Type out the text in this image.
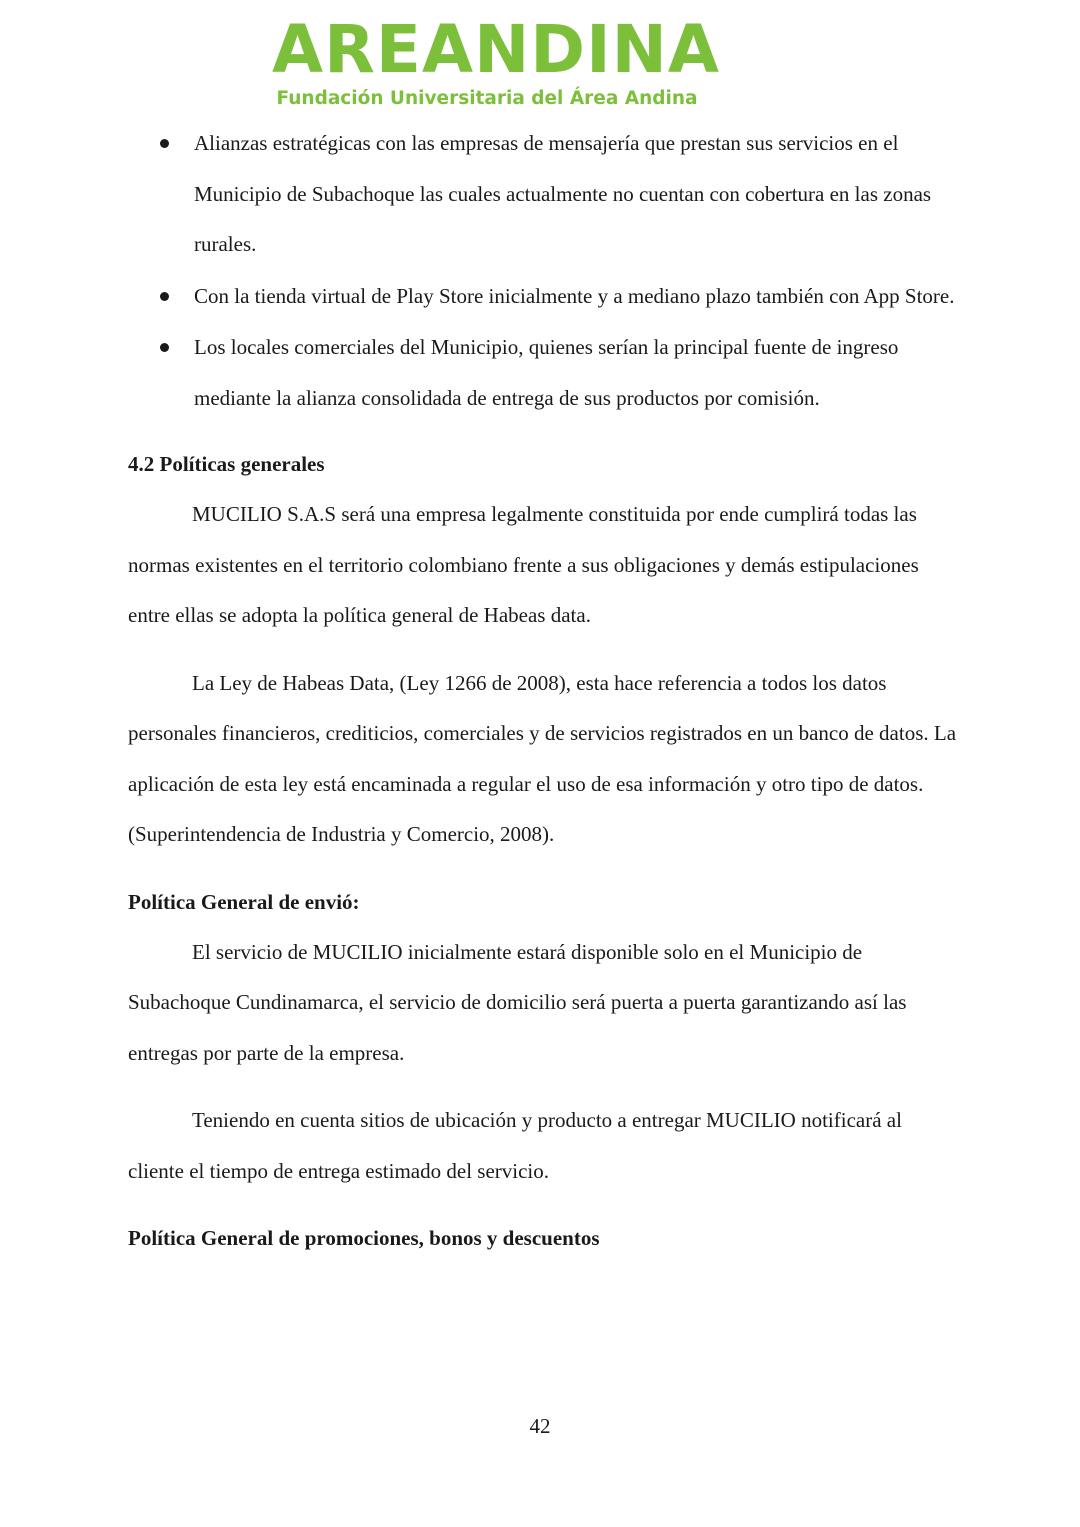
AREANDINA
Fundación Universitaria del Área Andina
Alianzas estratégicas con las empresas de mensajería que prestan sus servicios en el Municipio de Subachoque las cuales actualmente no cuentan con cobertura en las zonas rurales.
Con la tienda virtual de Play Store inicialmente y a mediano plazo también con App Store.
Los locales comerciales del Municipio, quienes serían la principal fuente de ingreso mediante la alianza consolidada de entrega de sus productos por comisión.

4.2 Políticas generales

MUCILIO S.A.S será una empresa legalmente constituida por ende cumplirá todas las normas existentes en el territorio colombiano frente a sus obligaciones y demás estipulaciones entre ellas se adopta la política general de Habeas data.

La Ley de Habeas Data, (Ley 1266 de 2008), esta hace referencia a todos los datos personales financieros, crediticios, comerciales y de servicios registrados en un banco de datos. La aplicación de esta ley está encaminada a regular el uso de esa información y otro tipo de datos. (Superintendencia de Industria y Comercio, 2008).

Política General de envió:

El servicio de MUCILIO inicialmente estará disponible solo en el Municipio de Subachoque Cundinamarca, el servicio de domicilio será puerta a puerta garantizando así las entregas por parte de la empresa.

Teniendo en cuenta sitios de ubicación y producto a entregar MUCILIO notificará al cliente el tiempo de entrega estimado del servicio.

Política General de promociones, bonos y descuentos

42
